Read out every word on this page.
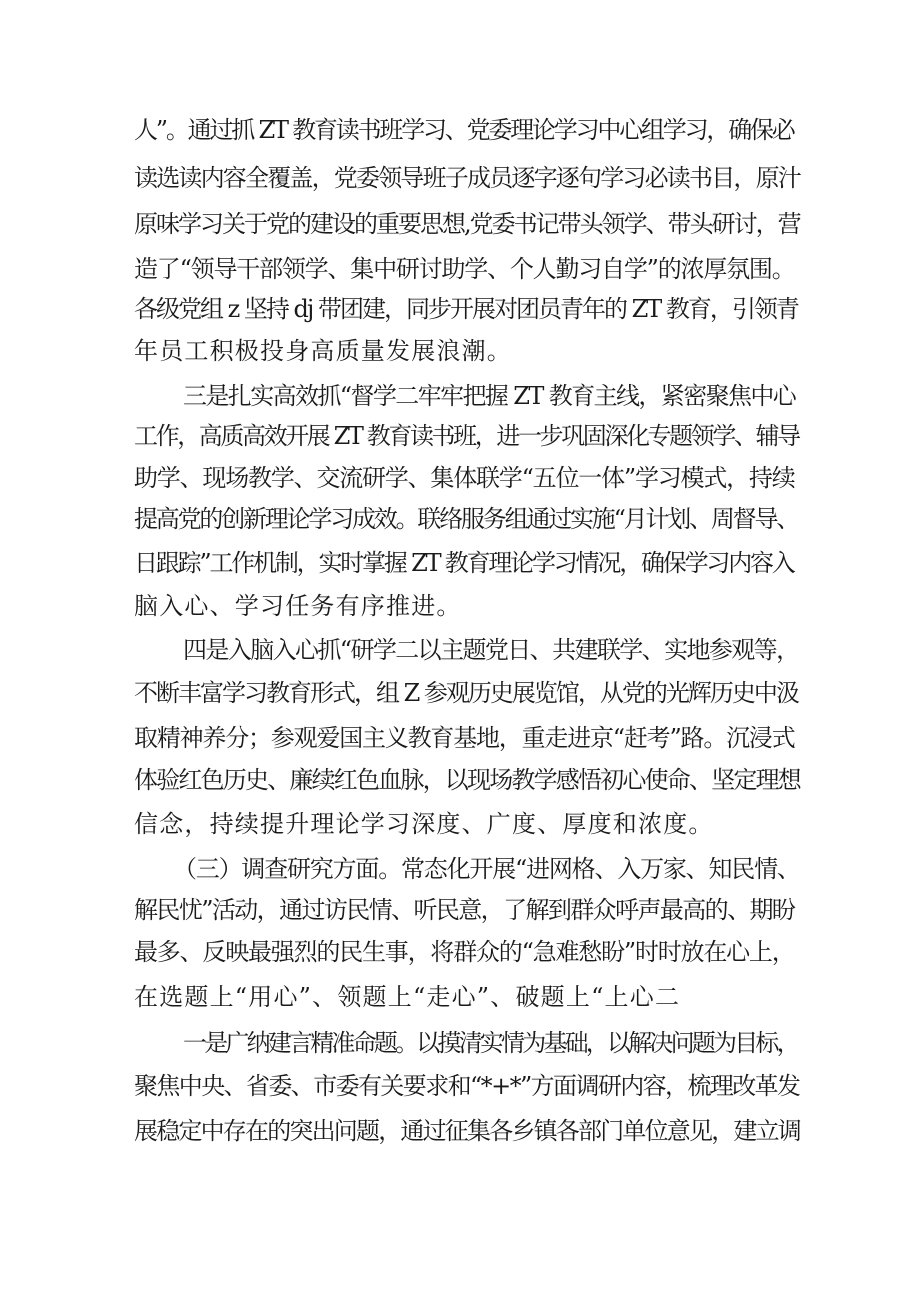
人”。通过抓 ZT 教育读书班学习、党委理论学习中心组学习，确保必
读选读内容全覆盖，党委领导班子成员逐字逐句学习必读书目，原汁
原味学习关于党的建设的重要思想,党委书记带头领学、带头研讨，营
造了“领导干部领学、集中研讨助学、个人勤习自学”的浓厚氛围。
各级党组 z 坚持 dj 带团建，同步开展对团员青年的 ZT 教育，引领青
年员工积极投身高质量发展浪潮。
三是扎实高效抓“督学二牢牢把握 ZT 教育主线，紧密聚焦中心
工作，高质高效开展 ZT 教育读书班，进一步巩固深化专题领学、辅导
助学、现场教学、交流研学、集体联学“五位一体”学习模式，持续
提高党的创新理论学习成效。联络服务组通过实施“月计划、周督导、
日跟踪”工作机制，实时掌握 ZT 教育理论学习情况，确保学习内容入
脑入心、学习任务有序推进。
四是入脑入心抓“研学二以主题党日、共建联学、实地参观等，
不断丰富学习教育形式，组 Z 参观历史展览馆，从党的光辉历史中汲
取精神养分；参观爱国主义教育基地，重走进京“赶考”路。沉浸式
体验红色历史、廉续红色血脉，以现场教学感悟初心使命、坚定理想
信念，持续提升理论学习深度、广度、厚度和浓度。
（三）调查研究方面。常态化开展“进网格、入万家、知民情、
解民忧”活动，通过访民情、听民意，了解到群众呼声最高的、期盼
最多、反映最强烈的民生事，将群众的“急难愁盼”时时放在心上，
在选题上“用心”、领题上“走心”、破题上“上心二
一是广纳建言精准命题。以摸清实情为基础，以解决问题为目标，
聚焦中央、省委、市委有关要求和“*+*”方面调研内容，梳理改革发
展稳定中存在的突出问题，通过征集各乡镇各部门单位意见，建立调
